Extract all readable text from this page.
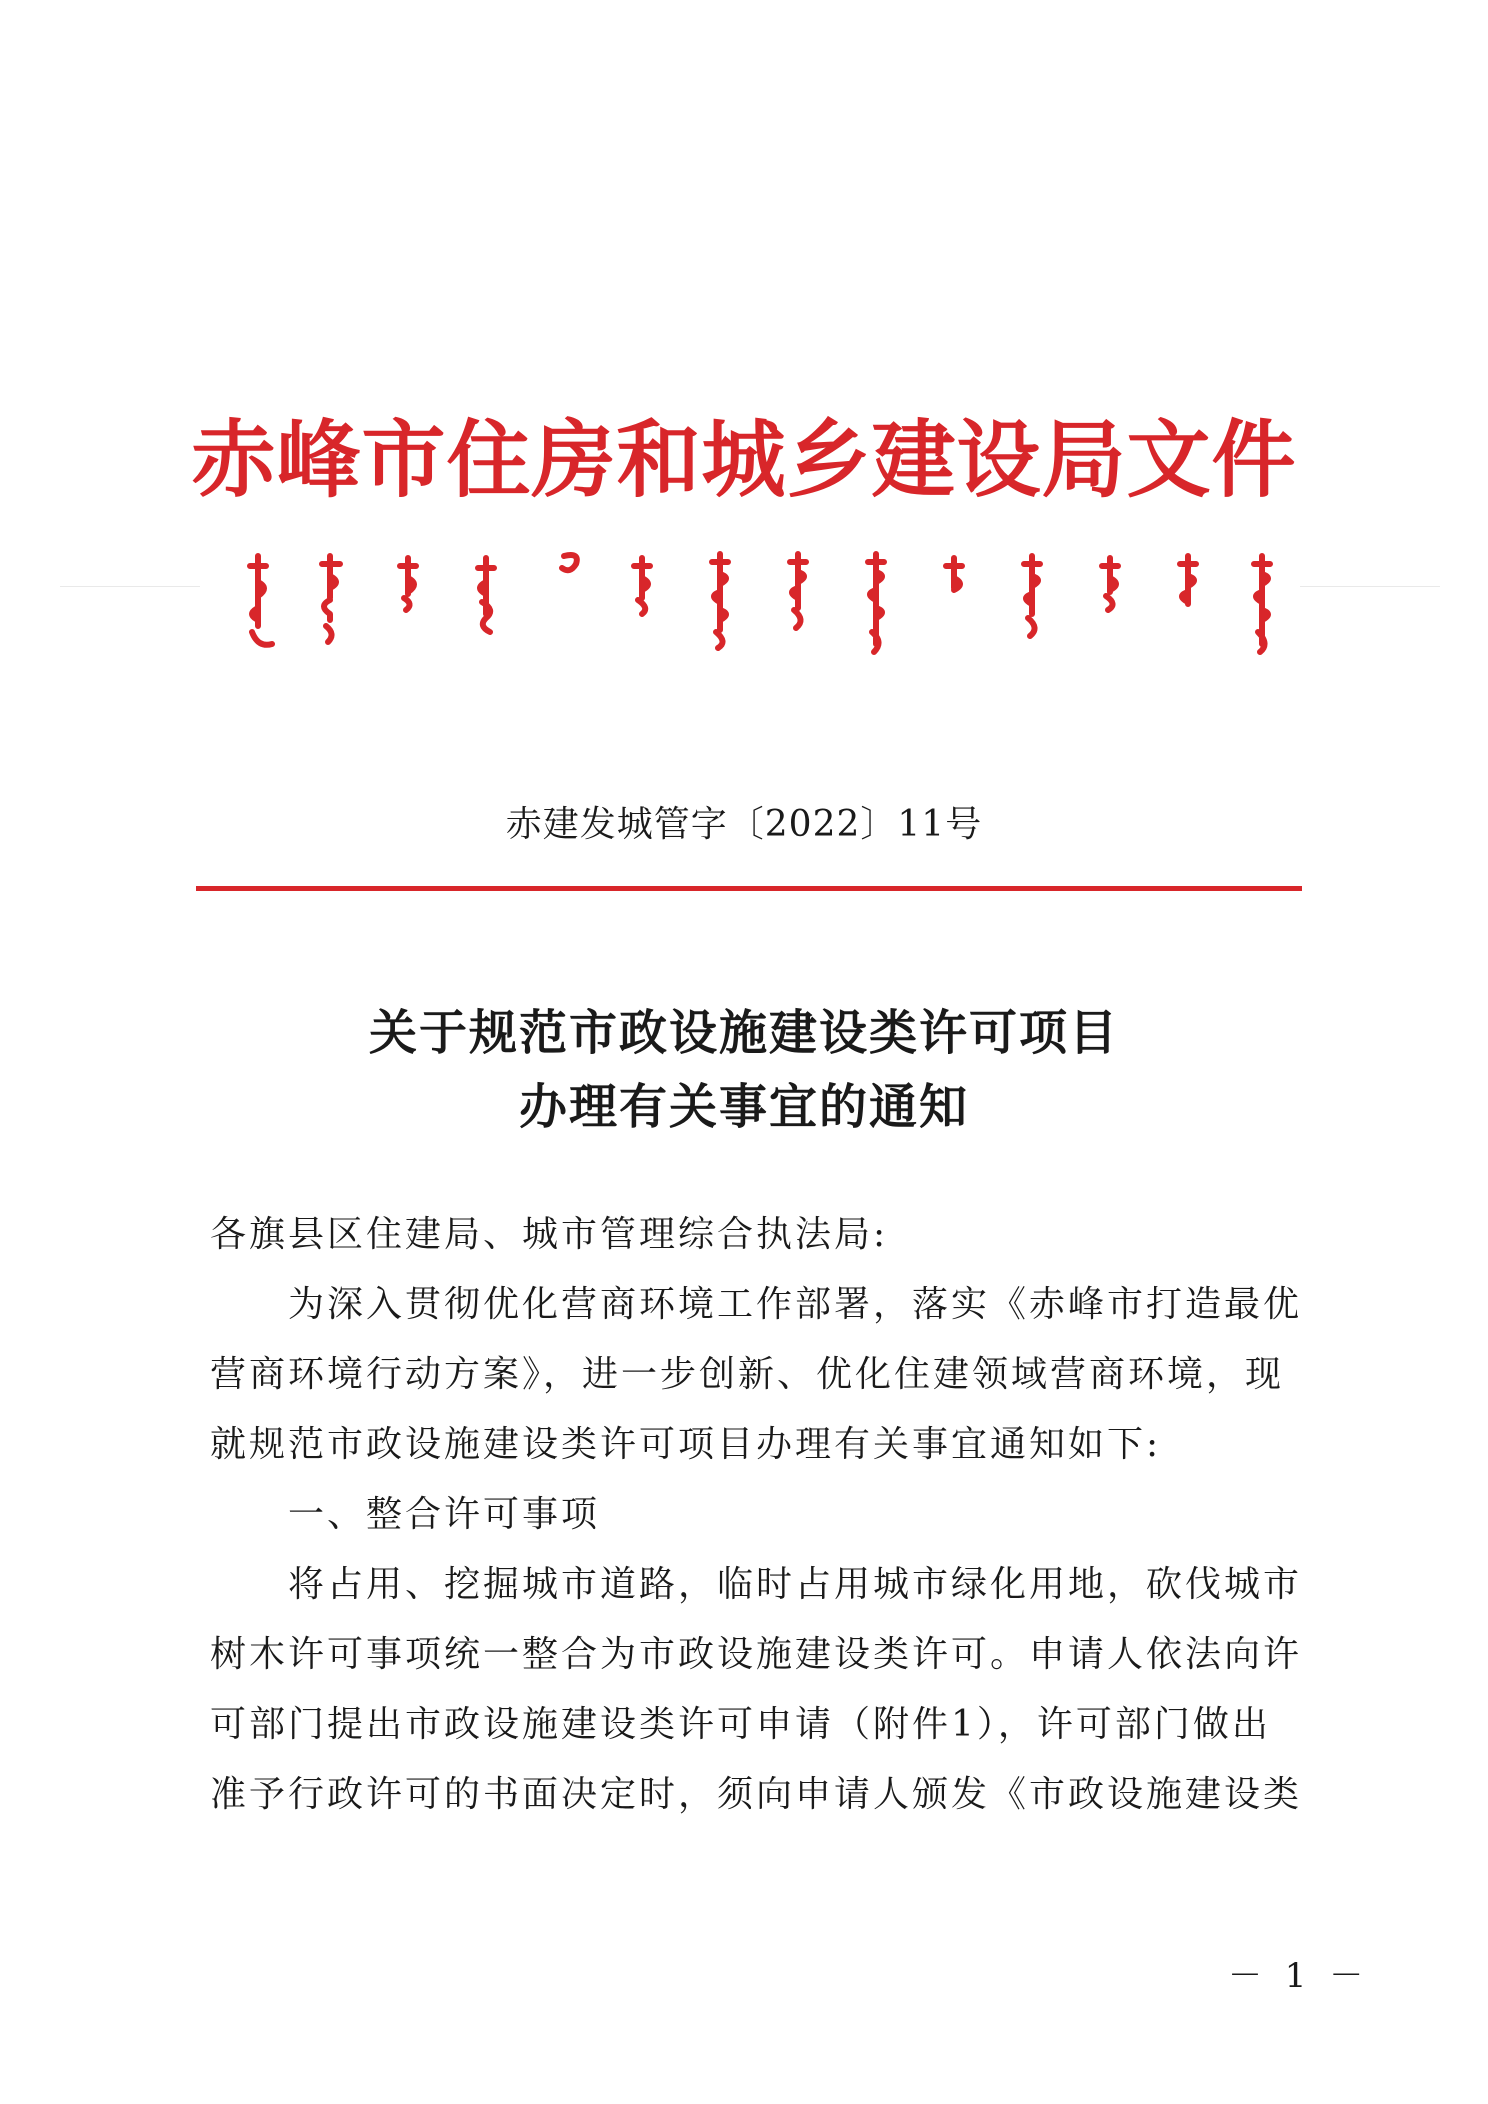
赤峰市住房和城乡建设局文件
赤建发城管字〔2022〕11号
关于规范市政设施建设类许可项目
办理有关事宜的通知
各旗县区住建局、城市管理综合执法局:
　　为深入贯彻优化营商环境工作部署，落实《赤峰市打造最优
营商环境行动方案》，进一步创新、优化住建领域营商环境，现
就规范市政设施建设类许可项目办理有关事宜通知如下:
　　一、整合许可事项
　　将占用、挖掘城市道路，临时占用城市绿化用地，砍伐城市
树木许可事项统一整合为市政设施建设类许可。申请人依法向许
可部门提出市政设施建设类许可申请（附件1），许可部门做出
准予行政许可的书面决定时，须向申请人颁发《市政设施建设类
－ 1 －
